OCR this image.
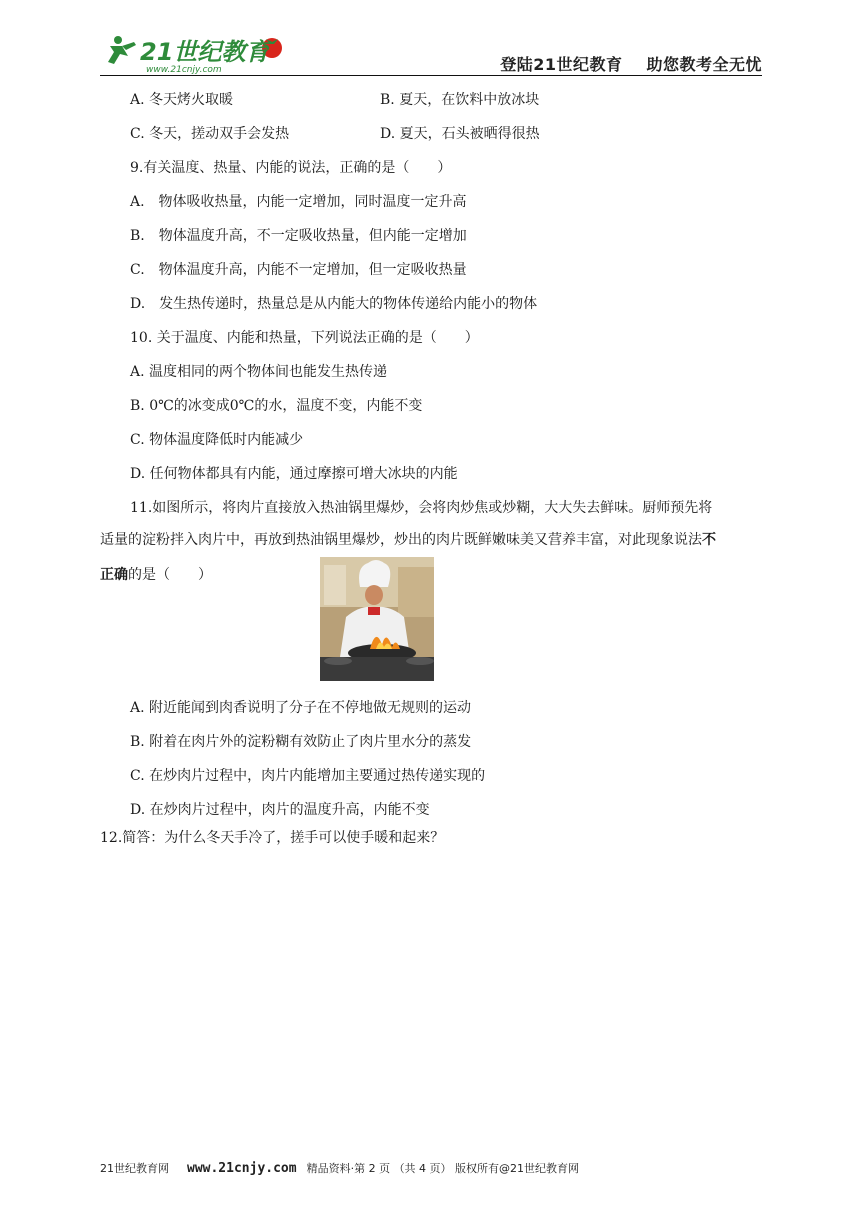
21世纪教育
www.21cnjy.com	登陆21世纪教育 助您教考全无忧
A. 冬天烤火取暖	B. 夏天，在饮料中放冰块
C. 冬天，搓动双手会发热	D. 夏天，石头被晒得很热
9.有关温度、热量、内能的说法，正确的是（　　）
A.　物体吸收热量，内能一定增加，同时温度一定升高
B.　物体温度升高，不一定吸收热量，但内能一定增加
C.　物体温度升高，内能不一定增加，但一定吸收热量
D.　发生热传递时，热量总是从内能大的物体传递给内能小的物体
10. 关于温度、内能和热量，下列说法正确的是（　　）
A. 温度相同的两个物体间也能发生热传递
B. 0℃的冰变成0℃的水，温度不变，内能不变
C. 物体温度降低时内能减少
D. 任何物体都具有内能，通过摩擦可增大冰块的内能
11.如图所示，将肉片直接放入热油锅里爆炒，会将肉炒焦或炒糊，大大失去鲜味。厨师预先将
适量的淀粉拌入肉片中，再放到热油锅里爆炒，炒出的肉片既鲜嫩味美又营养丰富，对此现象说法不
正确的是（　　）
A. 附近能闻到肉香说明了分子在不停地做无规则的运动
B. 附着在肉片外的淀粉糊有效防止了肉片里水分的蒸发
C. 在炒肉片过程中，肉片内能增加主要通过热传递实现的
D. 在炒肉片过程中，肉片的温度升高，内能不变
12.简答：为什么冬天手冷了，搓手可以使手暖和起来？
21世纪教育网 www.21cnjy.com 精品资料·第 2 页 （共 4 页） 版权所有@21世纪教育网
